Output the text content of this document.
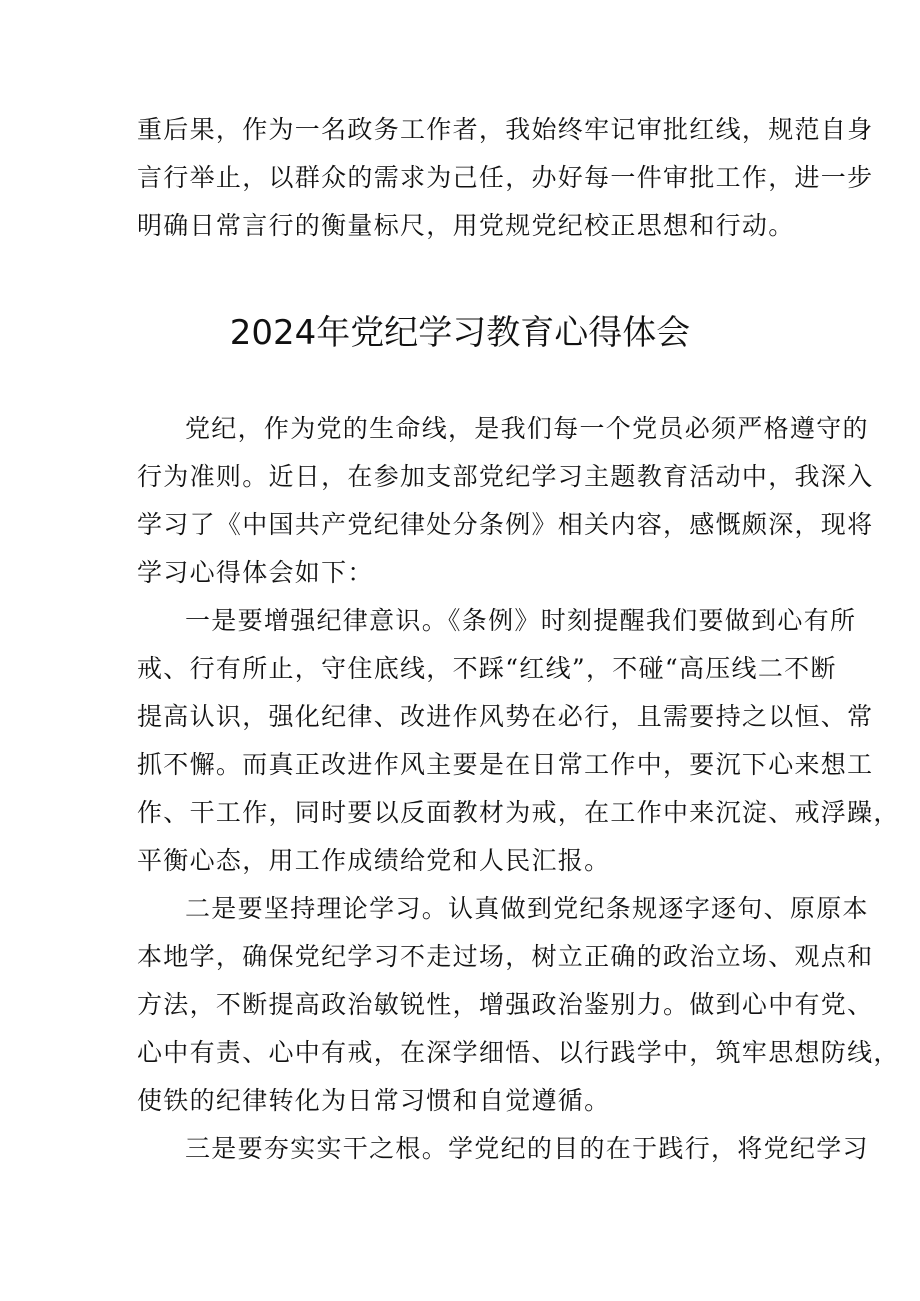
重后果，作为一名政务工作者，我始终牢记审批红线，规范自身
言行举止，以群众的需求为己任，办好每一件审批工作，进一步
明确日常言行的衡量标尺，用党规党纪校正思想和行动。
2024年党纪学习教育心得体会
党纪，作为党的生命线，是我们每一个党员必须严格遵守的
行为准则。近日，在参加支部党纪学习主题教育活动中，我深入
学习了《中国共产党纪律处分条例》相关内容，感慨颇深，现将
学习心得体会如下：
一是要增强纪律意识。《条例》时刻提醒我们要做到心有所
戒、行有所止，守住底线，不踩“红线”，不碰“高压线二不断
提高认识，强化纪律、改进作风势在必行，且需要持之以恒、常
抓不懈。而真正改进作风主要是在日常工作中，要沉下心来想工
作、干工作，同时要以反面教材为戒，在工作中来沉淀、戒浮躁，
平衡心态，用工作成绩给党和人民汇报。
二是要坚持理论学习。认真做到党纪条规逐字逐句、原原本
本地学，确保党纪学习不走过场，树立正确的政治立场、观点和
方法，不断提高政治敏锐性，增强政治鉴别力。做到心中有党、
心中有责、心中有戒，在深学细悟、以行践学中，筑牢思想防线，
使铁的纪律转化为日常习惯和自觉遵循。
三是要夯实实干之根。学党纪的目的在于践行，将党纪学习
